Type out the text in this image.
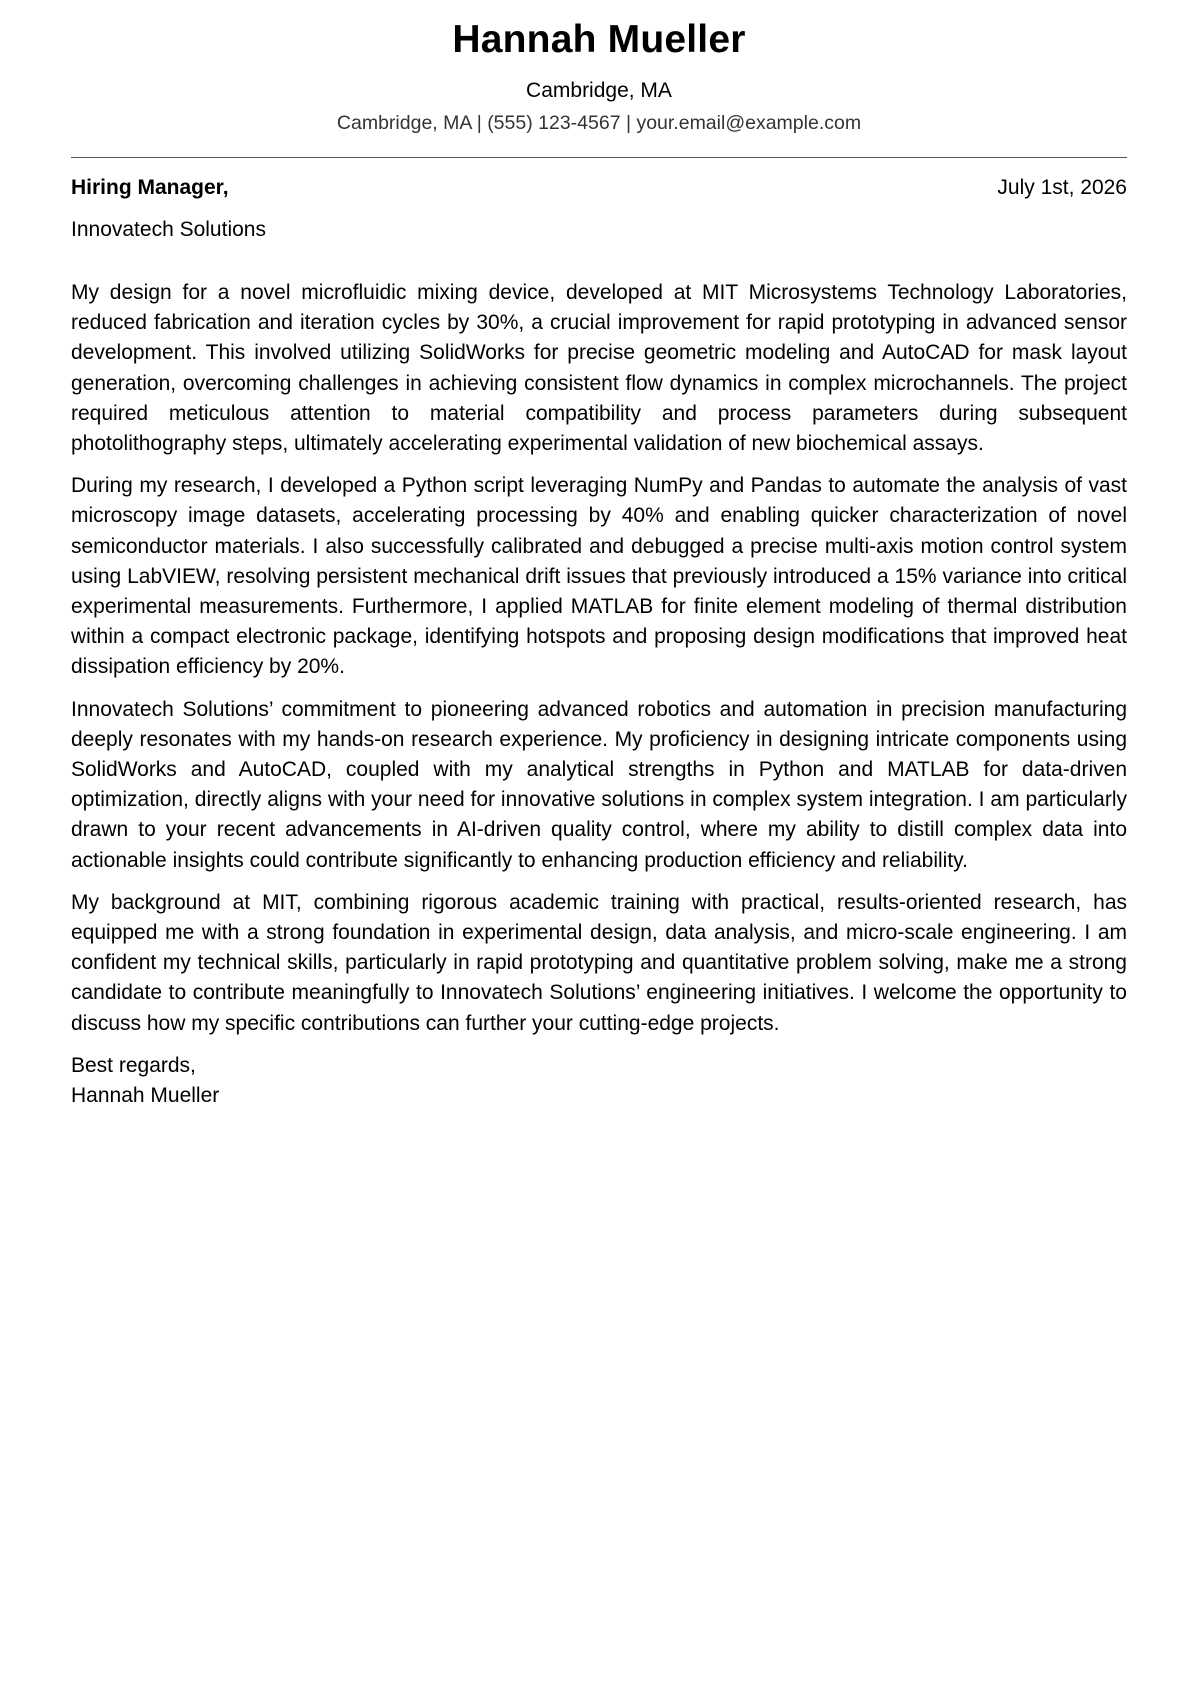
Hannah Mueller
Cambridge, MA
Cambridge, MA | (555) 123-4567 | your.email@example.com
Hiring Manager,	July 1st, 2026
Innovatech Solutions

My design for a novel microfluidic mixing device, developed at MIT Microsystems Technology Laboratories, reduced fabrication and iteration cycles by 30%, a crucial improvement for rapid prototyping in advanced sensor development. This involved utilizing SolidWorks for precise geometric modeling and AutoCAD for mask layout generation, overcoming challenges in achieving consistent flow dynamics in complex microchannels. The project required meticulous attention to material compatibility and process parameters during subsequent photolithography steps, ultimately accelerating experimental validation of new biochemical assays.

During my research, I developed a Python script leveraging NumPy and Pandas to automate the analysis of vast microscopy image datasets, accelerating processing by 40% and enabling quicker characterization of novel semiconductor materials. I also successfully calibrated and debugged a precise multi-axis motion control system using LabVIEW, resolving persistent mechanical drift issues that previously introduced a 15% variance into critical experimental measurements. Furthermore, I applied MATLAB for finite element modeling of thermal distribution within a compact electronic package, identifying hotspots and proposing design modifications that improved heat dissipation efficiency by 20%.

Innovatech Solutions’ commitment to pioneering advanced robotics and automation in precision manufacturing deeply resonates with my hands-on research experience. My proficiency in designing intricate components using SolidWorks and AutoCAD, coupled with my analytical strengths in Python and MATLAB for data-driven optimization, directly aligns with your need for innovative solutions in complex system integration. I am particularly drawn to your recent advancements in AI-driven quality control, where my ability to distill complex data into actionable insights could contribute significantly to enhancing production efficiency and reliability.

My background at MIT, combining rigorous academic training with practical, results-oriented research, has equipped me with a strong foundation in experimental design, data analysis, and micro-scale engineering. I am confident my technical skills, particularly in rapid prototyping and quantitative problem solving, make me a strong candidate to contribute meaningfully to Innovatech Solutions’ engineering initiatives. I welcome the opportunity to discuss how my specific contributions can further your cutting-edge projects.

Best regards,
Hannah Mueller
